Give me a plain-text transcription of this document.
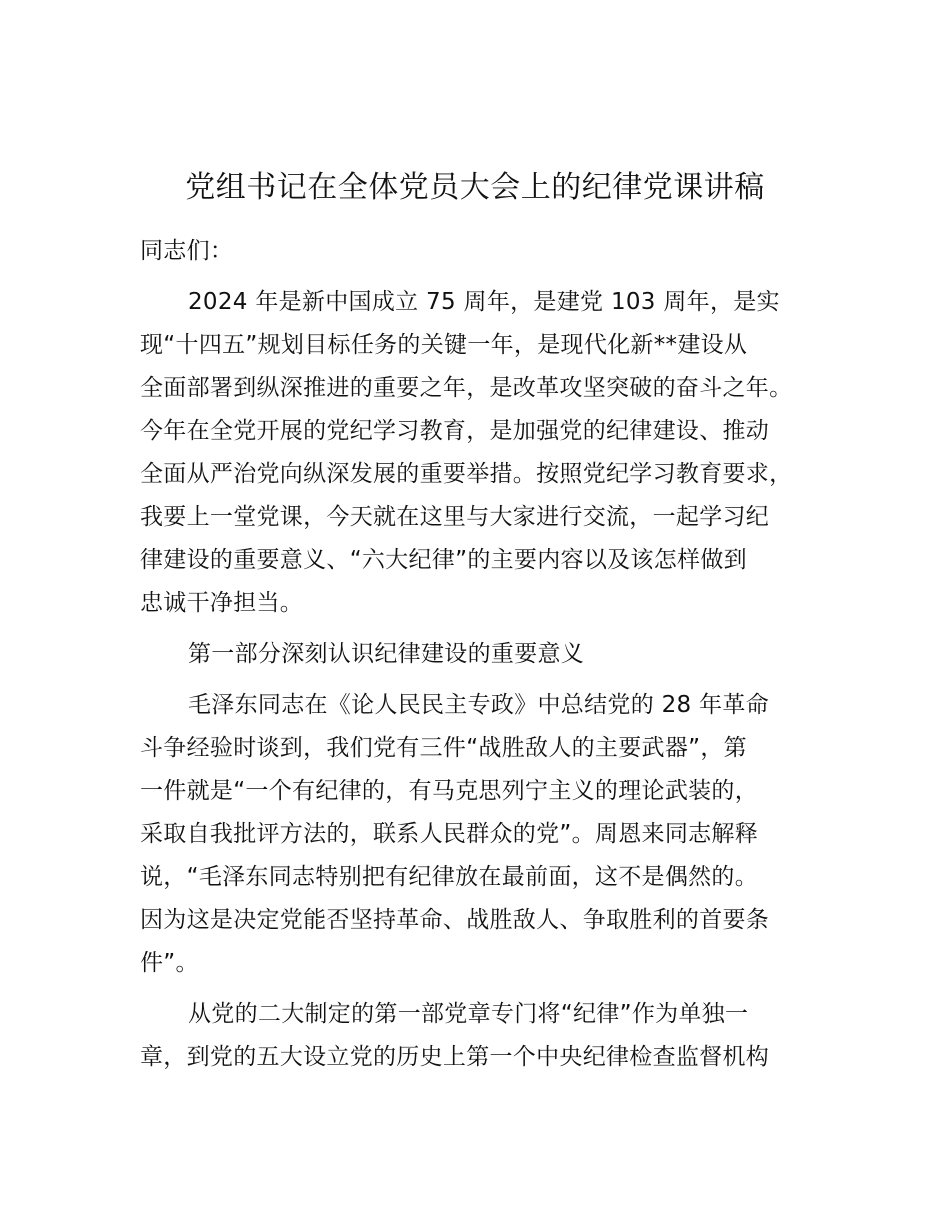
党组书记在全体党员大会上的纪律党课讲稿
同志们：
2024 年是新中国成立 75 周年，是建党 103 周年，是实
现“十四五”规划目标任务的关键一年，是现代化新**建设从
全面部署到纵深推进的重要之年，是改革攻坚突破的奋斗之年。
今年在全党开展的党纪学习教育，是加强党的纪律建设、推动
全面从严治党向纵深发展的重要举措。按照党纪学习教育要求，
我要上一堂党课，今天就在这里与大家进行交流，一起学习纪
律建设的重要意义、“六大纪律”的主要内容以及该怎样做到
忠诚干净担当。
第一部分深刻认识纪律建设的重要意义
毛泽东同志在《论人民民主专政》中总结党的 28 年革命
斗争经验时谈到，我们党有三件“战胜敌人的主要武器”，第
一件就是“一个有纪律的，有马克思列宁主义的理论武装的，
采取自我批评方法的，联系人民群众的党”。周恩来同志解释
说，“毛泽东同志特别把有纪律放在最前面，这不是偶然的。
因为这是决定党能否坚持革命、战胜敌人、争取胜利的首要条
件”。
从党的二大制定的第一部党章专门将“纪律”作为单独一
章，到党的五大设立党的历史上第一个中央纪律检查监督机构
